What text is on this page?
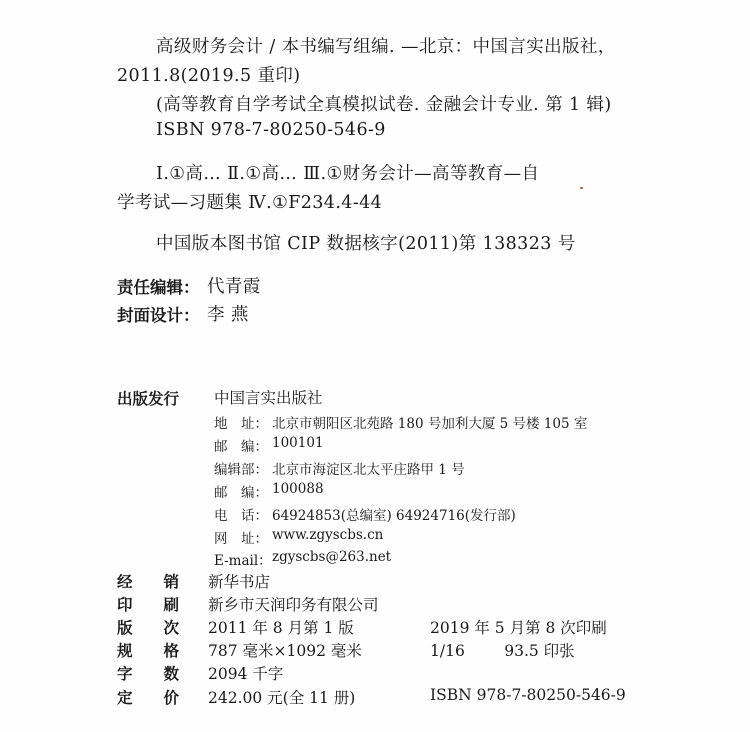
高级财务会计 / 本书编写组编. —北京：中国言实出版社，
2011.8(2019.5 重印)
(高等教育自学考试全真模拟试卷. 金融会计专业. 第 1 辑)
ISBN 978-7-80250-546-9
Ⅰ.①高… Ⅱ.①高… Ⅲ.①财务会计—高等教育—自
学考试—习题集 Ⅳ.①F234.4-44
中国版本图书馆 CIP 数据核字(2011)第 138323 号
责任编辑： 代青霞
封面设计： 李 燕
出版发行 中国言实出版社
地　址： 北京市朝阳区北苑路 180 号加利大厦 5 号楼 105 室
邮　编： 100101
编辑部： 北京市海淀区北太平庄路甲 1 号
邮　编： 100088
电　话： 64924853(总编室) 64924716(发行部)
网　址： www.zgyscbs.cn
E-mail： zgyscbs@263.net
经　　销 新华书店
印　　刷 新乡市天润印务有限公司
版　　次 2011 年 8 月第 1 版	2019 年 5 月第 8 次印刷
规　　格 787 毫米×1092 毫米	1/16        93.5 印张
字　　数 2094 千字
定　　价 242.00 元(全 11 册)	ISBN 978-7-80250-546-9
